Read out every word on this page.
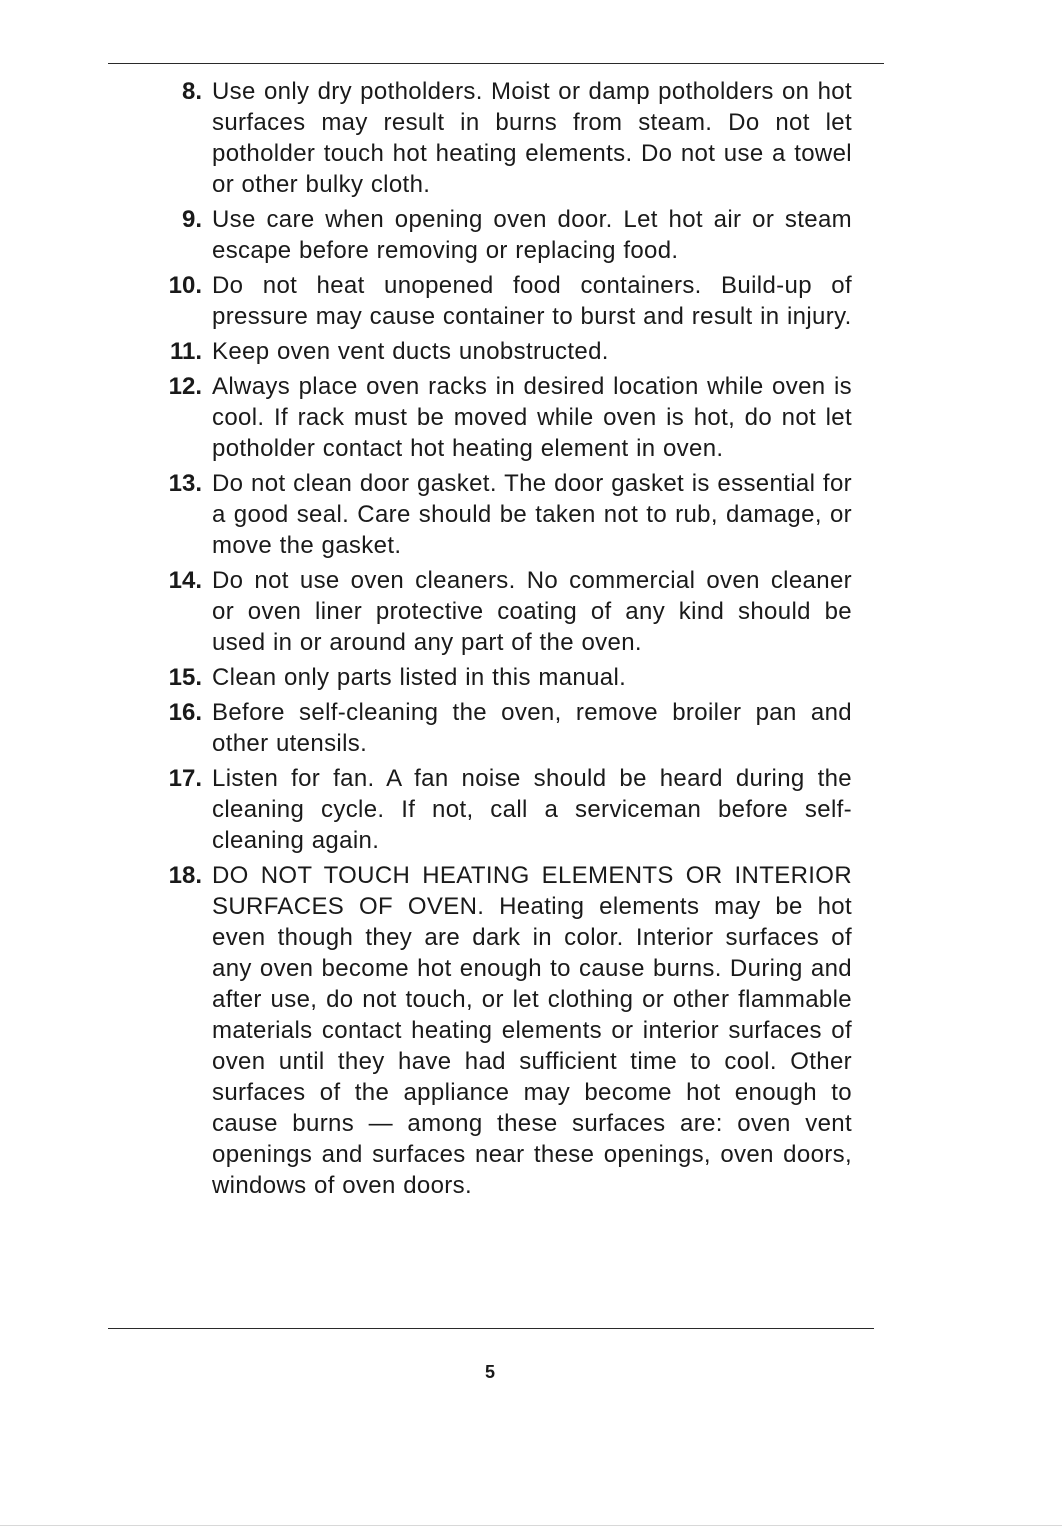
8. Use only dry potholders. Moist or damp potholders on hot surfaces may result in burns from steam. Do not let potholder touch hot heating elements. Do not use a towel or other bulky cloth.
9. Use care when opening oven door. Let hot air or steam escape before removing or replacing food.
10. Do not heat unopened food containers. Build-up of pressure may cause container to burst and result in injury.
11. Keep oven vent ducts unobstructed.
12. Always place oven racks in desired location while oven is cool. If rack must be moved while oven is hot, do not let potholder contact hot heating element in oven.
13. Do not clean door gasket. The door gasket is essential for a good seal. Care should be taken not to rub, damage, or move the gasket.
14. Do not use oven cleaners. No commercial oven cleaner or oven liner protective coating of any kind should be used in or around any part of the oven.
15. Clean only parts listed in this manual.
16. Before self-cleaning the oven, remove broiler pan and other utensils.
17. Listen for fan. A fan noise should be heard during the cleaning cycle. If not, call a serviceman before self-cleaning again.
18. DO NOT TOUCH HEATING ELEMENTS OR INTERIOR SURFACES OF OVEN. Heating elements may be hot even though they are dark in color. Interior surfaces of any oven become hot enough to cause burns. During and after use, do not touch, or let clothing or other flammable materials contact heating elements or interior surfaces of oven until they have had sufficient time to cool. Other surfaces of the appliance may become hot enough to cause burns — among these surfaces are: oven vent openings and surfaces near these openings, oven doors, windows of oven doors.
5
